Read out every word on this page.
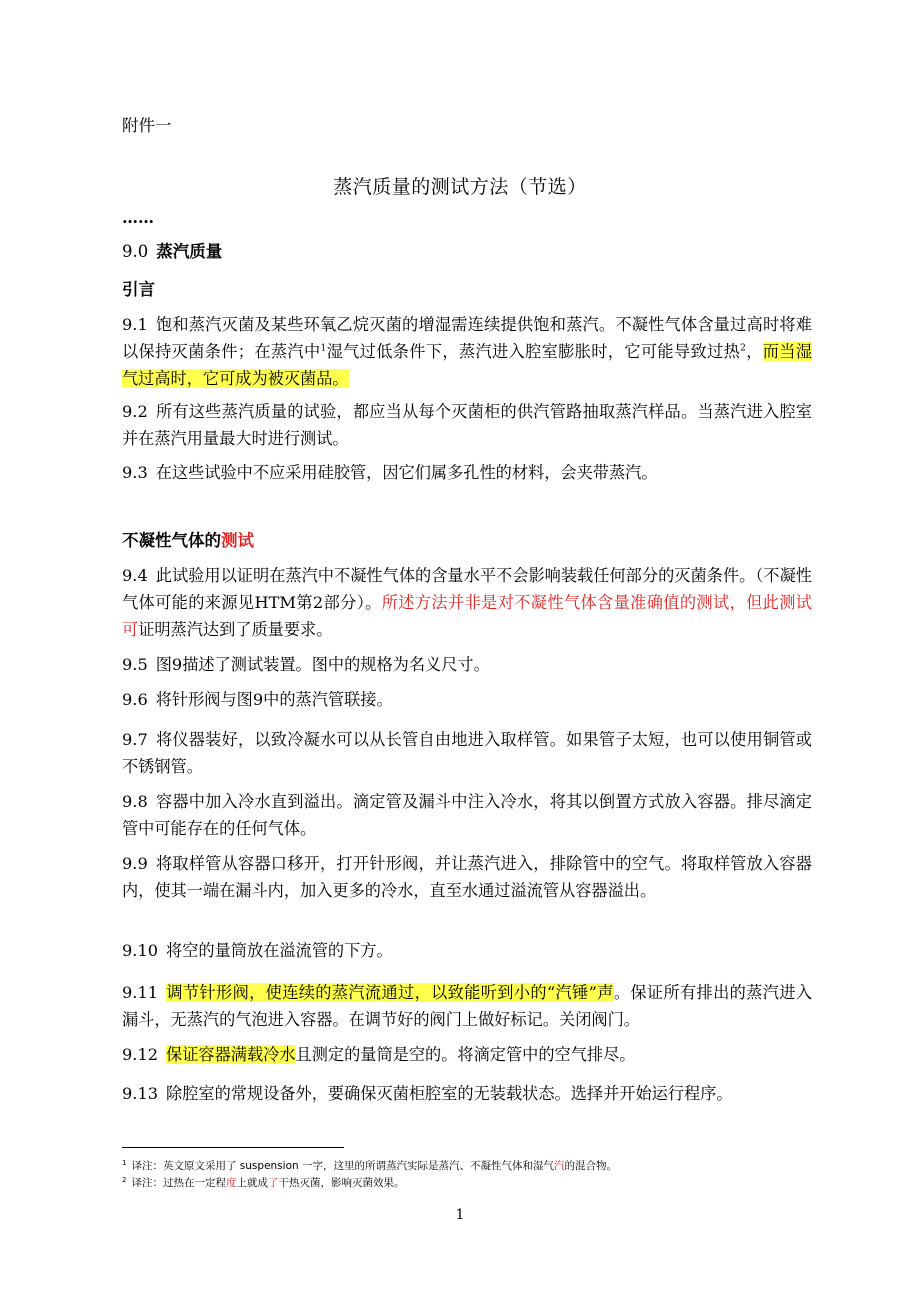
附件一
蒸汽质量的测试方法（节选）
……
9.0 蒸汽质量
引言
9.1 饱和蒸汽灭菌及某些环氧乙烷灭菌的增湿需连续提供饱和蒸汽。不凝性气体含量过高时将难以保持灭菌条件；在蒸汽中$^1$湿气过低条件下，蒸汽进入腔室膨胀时，它可能导致过热$^2$，而当湿气过高时，它可成为被灭菌品。
9.2 所有这些蒸汽质量的试验，都应当从每个灭菌柜的供汽管路抽取蒸汽样品。当蒸汽进入腔室并在蒸汽用量最大时进行测试。
9.3 在这些试验中不应采用硅胶管，因它们属多孔性的材料，会夹带蒸汽。
不凝性气体的测试
9.4 此试验用以证明在蒸汽中不凝性气体的含量水平不会影响装载任何部分的灭菌条件。（不凝性气体可能的来源见HTM第2部分）。所述方法并非是对不凝性气体含量准确值的测试，但此测试可证明蒸汽达到了质量要求。
9.5 图9描述了测试装置。图中的规格为名义尺寸。
9.6 将针形阀与图9中的蒸汽管联接。
9.7 将仪器装好，以致冷凝水可以从长管自由地进入取样管。如果管子太短，也可以使用铜管或不锈钢管。
9.8 容器中加入冷水直到溢出。滴定管及漏斗中注入冷水，将其以倒置方式放入容器。排尽滴定管中可能存在的任何气体。
9.9 将取样管从容器口移开，打开针形阀，并让蒸汽进入，排除管中的空气。将取样管放入容器内，使其一端在漏斗内，加入更多的冷水，直至水通过溢流管从容器溢出。
9.10 将空的量筒放在溢流管的下方。
9.11 调节针形阀，使连续的蒸汽流通过，以致能听到小的“汽锤”声。保证所有排出的蒸汽进入漏斗，无蒸汽的气泡进入容器。在调节好的阀门上做好标记。关闭阀门。
9.12 保证容器满载冷水且测定的量筒是空的。将滴定管中的空气排尽。
9.13 除腔室的常规设备外，要确保灭菌柜腔室的无装载状态。选择并开始运行程序。
$^1$ 译注：英文原文采用了 suspension 一字，这里的所谓蒸汽实际是蒸汽、不凝性气体和湿气汽的混合物。
$^2$ 译注：过热在一定程度上就成了干热灭菌，影响灭菌效果。
1
